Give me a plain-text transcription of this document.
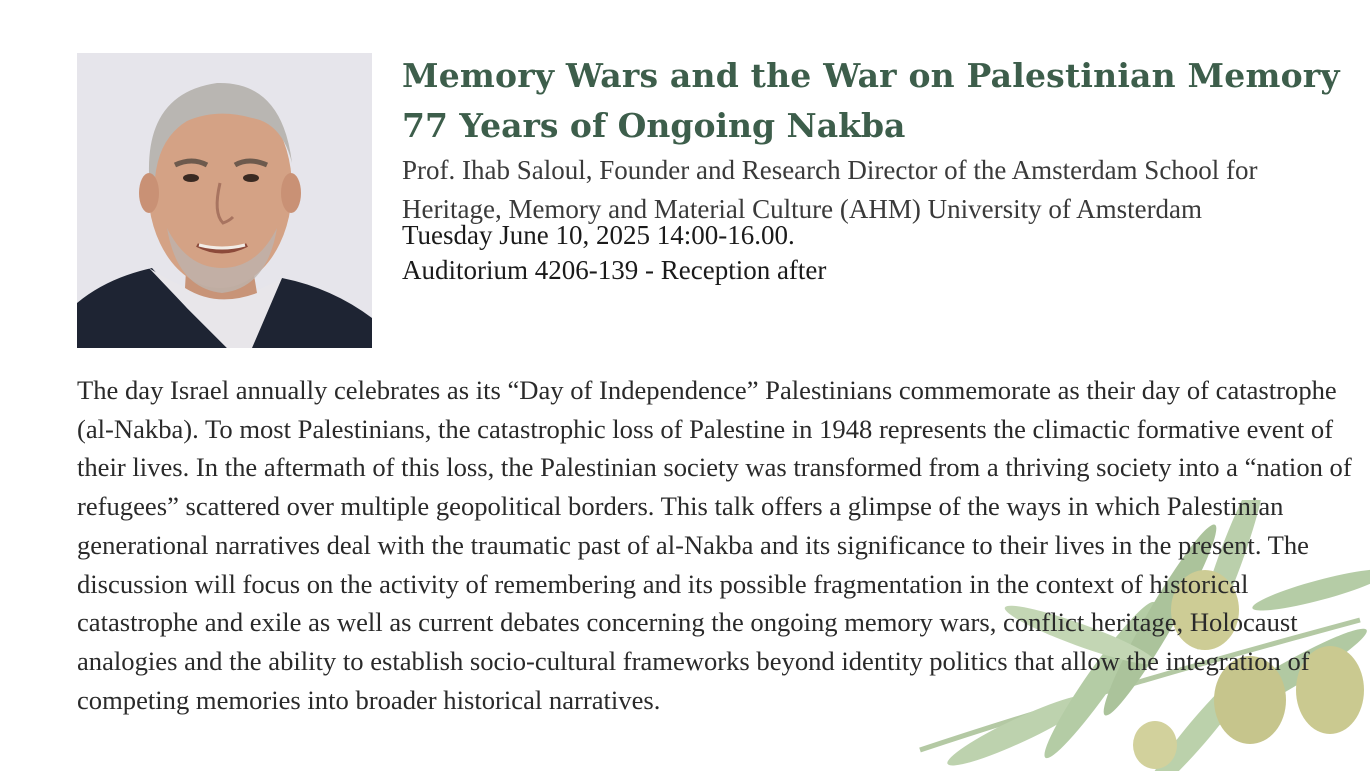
Memory Wars and the War on Palestinian Memory
77 Years of Ongoing Nakba

Prof. Ihab Saloul, Founder and Research Director of the Amsterdam School for Heritage, Memory and Material Culture (AHM) University of Amsterdam

Tuesday June 10, 2025 14:00-16.00.

Auditorium 4206-139 - Reception after

The day Israel annually celebrates as its “Day of Independence” Palestinians commemorate as their day of catastrophe (al-Nakba). To most Palestinians, the catastrophic loss of Palestine in 1948 represents the climactic formative event of their lives. In the aftermath of this loss, the Palestinian society was transformed from a thriving society into a “nation of refugees” scattered over multiple geopolitical borders. This talk offers a glimpse of the ways in which Palestinian generational narratives deal with the traumatic past of al-Nakba and its significance to their lives in the present. The discussion will focus on the activity of remembering and its possible fragmentation in the context of historical catastrophe and exile as well as current debates concerning the ongoing memory wars, conflict heritage, Holocaust analogies and the ability to establish socio-cultural frameworks beyond identity politics that allow the integration of competing memories into broader historical narratives.
